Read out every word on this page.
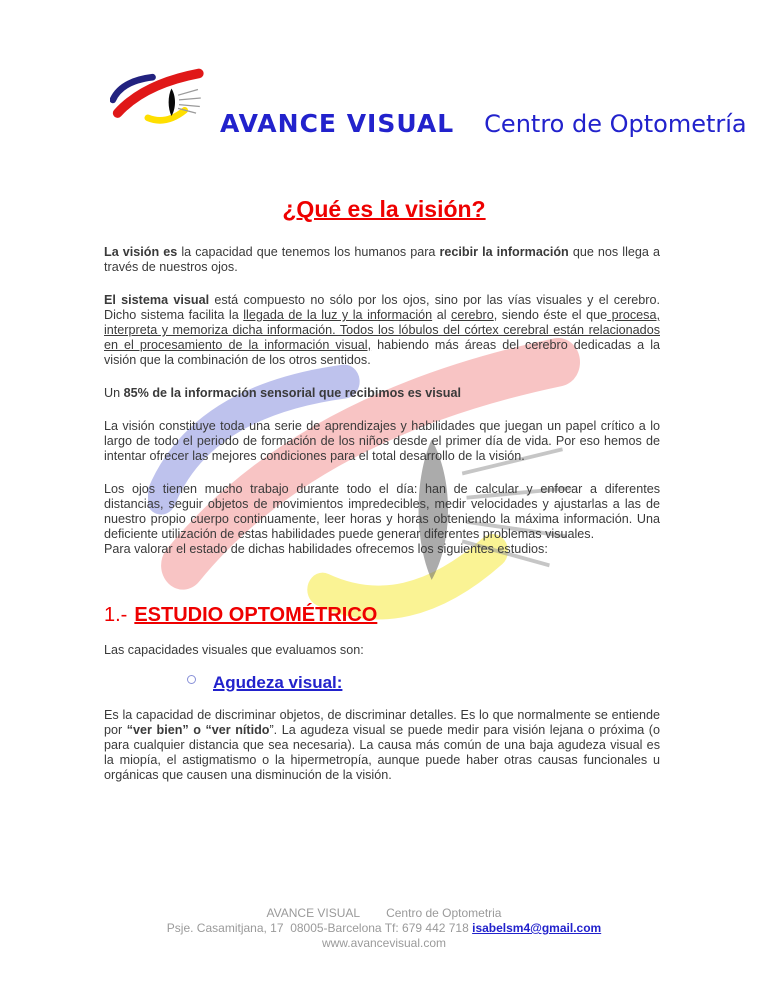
AVANCE VISUAL Centro de Optometría
¿Qué es la visión?

La visión es la capacidad que tenemos los humanos para recibir la información que nos llega a través de nuestros ojos.

El sistema visual está compuesto no sólo por los ojos, sino por las vías visuales y el cerebro. Dicho sistema facilita la llegada de la luz y la información al cerebro, siendo éste el que procesa, interpreta y memoriza dicha información. Todos los lóbulos del córtex cerebral están relacionados en el procesamiento de la información visual, habiendo más áreas del cerebro dedicadas a la visión que la combinación de los otros sentidos.

Un 85% de la información sensorial que recibimos es visual

La visión constituye toda una serie de aprendizajes y habilidades que juegan un papel crítico a lo largo de todo el periodo de formación de los niños desde el primer día de vida. Por eso hemos de intentar ofrecer las mejores condiciones para el total desarrollo de la visión.

Los ojos tienen mucho trabajo durante todo el día: han de calcular y enfocar a diferentes distancias, seguir objetos de movimientos impredecibles, medir velocidades y ajustarlas a las de nuestro propio cuerpo continuamente, leer horas y horas obteniendo la máxima información. Una deficiente utilización de estas habilidades puede generar diferentes problemas visuales.

Para valorar el estado de dichas habilidades ofrecemos los siguientes estudios:

1.- ESTUDIO OPTOMÉTRICO

Las capacidades visuales que evaluamos son:

Agudeza visual:

Es la capacidad de discriminar objetos, de discriminar detalles. Es lo que normalmente se entiende por “ver bien” o “ver nítido”. La agudeza visual se puede medir para visión lejana o próxima (o para cualquier distancia que sea necesaria). La causa más común de una baja agudeza visual es la miopía, el astigmatismo o la hipermetropía, aunque puede haber otras causas funcionales u orgánicas que causen una disminución de la visión.

AVANCE VISUAL Centro de Optometria
Psje. Casamitjana, 17  08005-Barcelona Tf: 679 442 718 isabelsm4@gmail.com
www.avancevisual.com
